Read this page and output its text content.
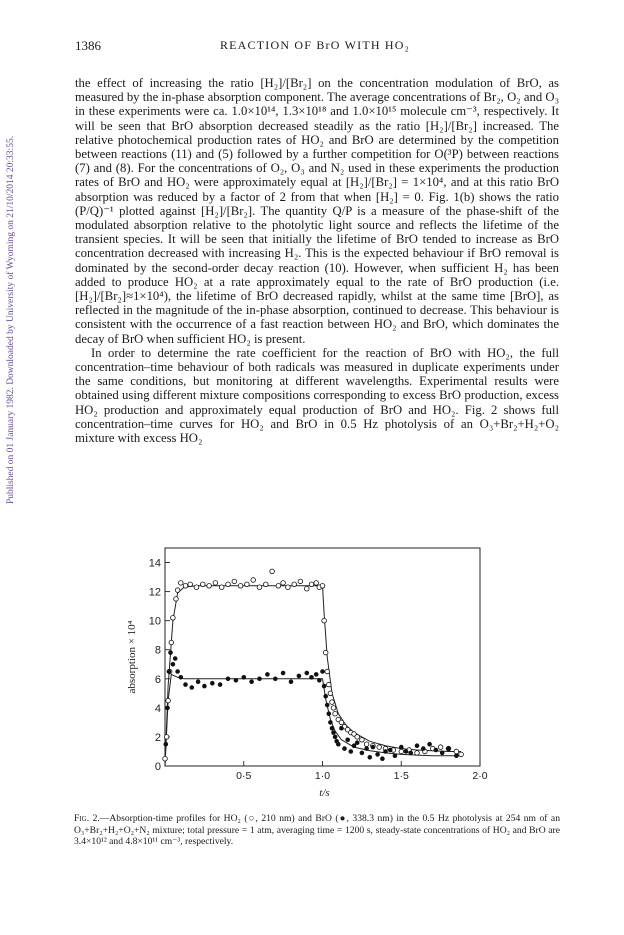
Published on 01 January 1982. Downloaded by University of Wyoming on 21/10/2014 20:33:55.
1386	REACTION OF BrO WITH HO₂

the effect of increasing the ratio [H₂]/[Br₂] on the concentration modulation of BrO, as measured by the in-phase absorption component. The average concentrations of Br₂, O₂ and O₃ in these experiments were ca. 1.0×10¹⁴, 1.3×10¹⁸ and 1.0×10¹⁵ molecule cm⁻³, respectively. It will be seen that BrO absorption decreased steadily as the ratio [H₂]/[Br₂] increased. The relative photochemical production rates of HO₂ and BrO are determined by the competition between reactions (11) and (5) followed by a further competition for O(³P) between reactions (7) and (8). For the concentrations of O₂, O₃ and N₂ used in these experiments the production rates of BrO and HO₂ were approximately equal at [H₂]/[Br₂] = 1×10⁴, and at this ratio BrO absorption was reduced by a factor of 2 from that when [H₂] = 0. Fig. 1(b) shows the ratio (P/Q)⁻¹ plotted against [H₂]/[Br₂]. The quantity Q/P is a measure of the phase-shift of the modulated absorption relative to the photolytic light source and reflects the lifetime of the transient species. It will be seen that initially the lifetime of BrO tended to increase as BrO concentration decreased with increasing H₂. This is the expected behaviour if BrO removal is dominated by the second-order decay reaction (10). However, when sufficient H₂ has been added to produce HO₂ at a rate approximately equal to the rate of BrO production (i.e. [H₂]/[Br₂]≈1×10⁴), the lifetime of BrO decreased rapidly, whilst at the same time [BrO], as reflected in the magnitude of the in-phase absorption, continued to decrease. This behaviour is consistent with the occurrence of a fast reaction between HO₂ and BrO, which dominates the decay of BrO when sufficient HO₂ is present.

In order to determine the rate coefficient for the reaction of BrO with HO₂, the full concentration–time behaviour of both radicals was measured in duplicate experiments under the same conditions, but monitoring at different wavelengths. Experimental results were obtained using different mixture compositions corresponding to excess BrO production, excess HO₂ production and approximately equal production of BrO and HO₂. Fig. 2 shows full concentration–time curves for HO₂ and BrO in 0.5 Hz photolysis of an O₃+Br₂+H₂+O₂ mixture with excess HO₂

0
2
4
6
8
10
12
14
0·5	1·0	1·5	2·0
t/s
absorption × 10⁴
Fig. 2.—Absorption-time profiles for HO₂ (○, 210 nm) and BrO (●, 338.3 nm) in the 0.5 Hz photolysis at 254 nm of an O₃+Br₂+H₂+O₂+N₂ mixture; total pressure = 1 atm, averaging time = 1200 s, steady-state concentrations of HO₂ and BrO are 3.4×10¹² and 4.8×10¹¹ cm⁻³, respectively.
